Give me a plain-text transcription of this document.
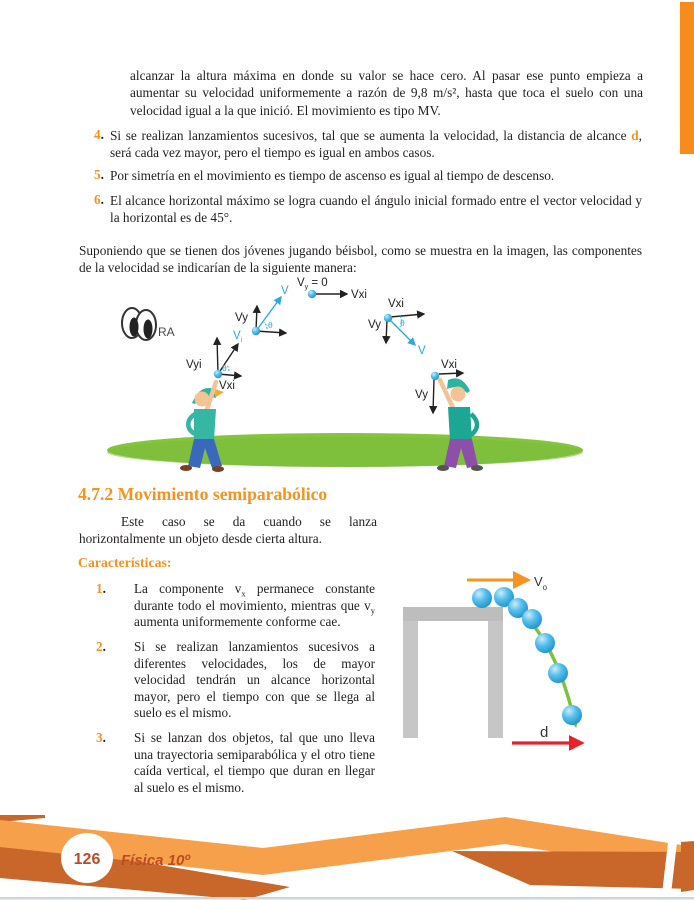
alcanzar la altura máxima en donde su valor se hace cero. Al pasar ese punto empieza a aumentar su velocidad uniformemente a razón de 9,8 m/s², hasta que toca el suelo con una velocidad igual a la que inició. El movimiento es tipo MV.
4. Si se realizan lanzamientos sucesivos, tal que se aumenta la velocidad, la distancia de alcance d, será cada vez mayor, pero el tiempo es igual en ambos casos.
5. Por simetría en el movimiento es tiempo de ascenso es igual al tiempo de descenso.
6. El alcance horizontal máximo se logra cuando el ángulo inicial formado entre el vector velocidad y la horizontal es de 45°.
Suponiendo que se tienen dos jóvenes jugando béisbol, como se muestra en la imagen, las componentes de la velocidad se indicarían de la siguiente manera:
RA
Vyi
$V_i$
θ
Vxi
Vy
V
θ
$V_y = 0$
Vxi
Vxi
Vy θ
V
Vxi
Vy
4.7.2 Movimiento semiparabólico
Este caso se da cuando se lanza horizontalmente un objeto desde cierta altura.
Características:
1. La componente $v_x$ permanece constante durante todo el movimiento, mientras que $v_y$ aumenta uniformemente conforme cae.
2. Si se realizan lanzamientos sucesivos a diferentes velocidades, los de mayor velocidad tendrán un alcance horizontal mayor, pero el tiempo con que se llega al suelo es el mismo.
3. Si se lanzan dos objetos, tal que uno lleva una trayectoria semiparabólica y el otro tiene caída vertical, el tiempo que duran en llegar al suelo es el mismo.
$V_o$
d
126 Física 10º
